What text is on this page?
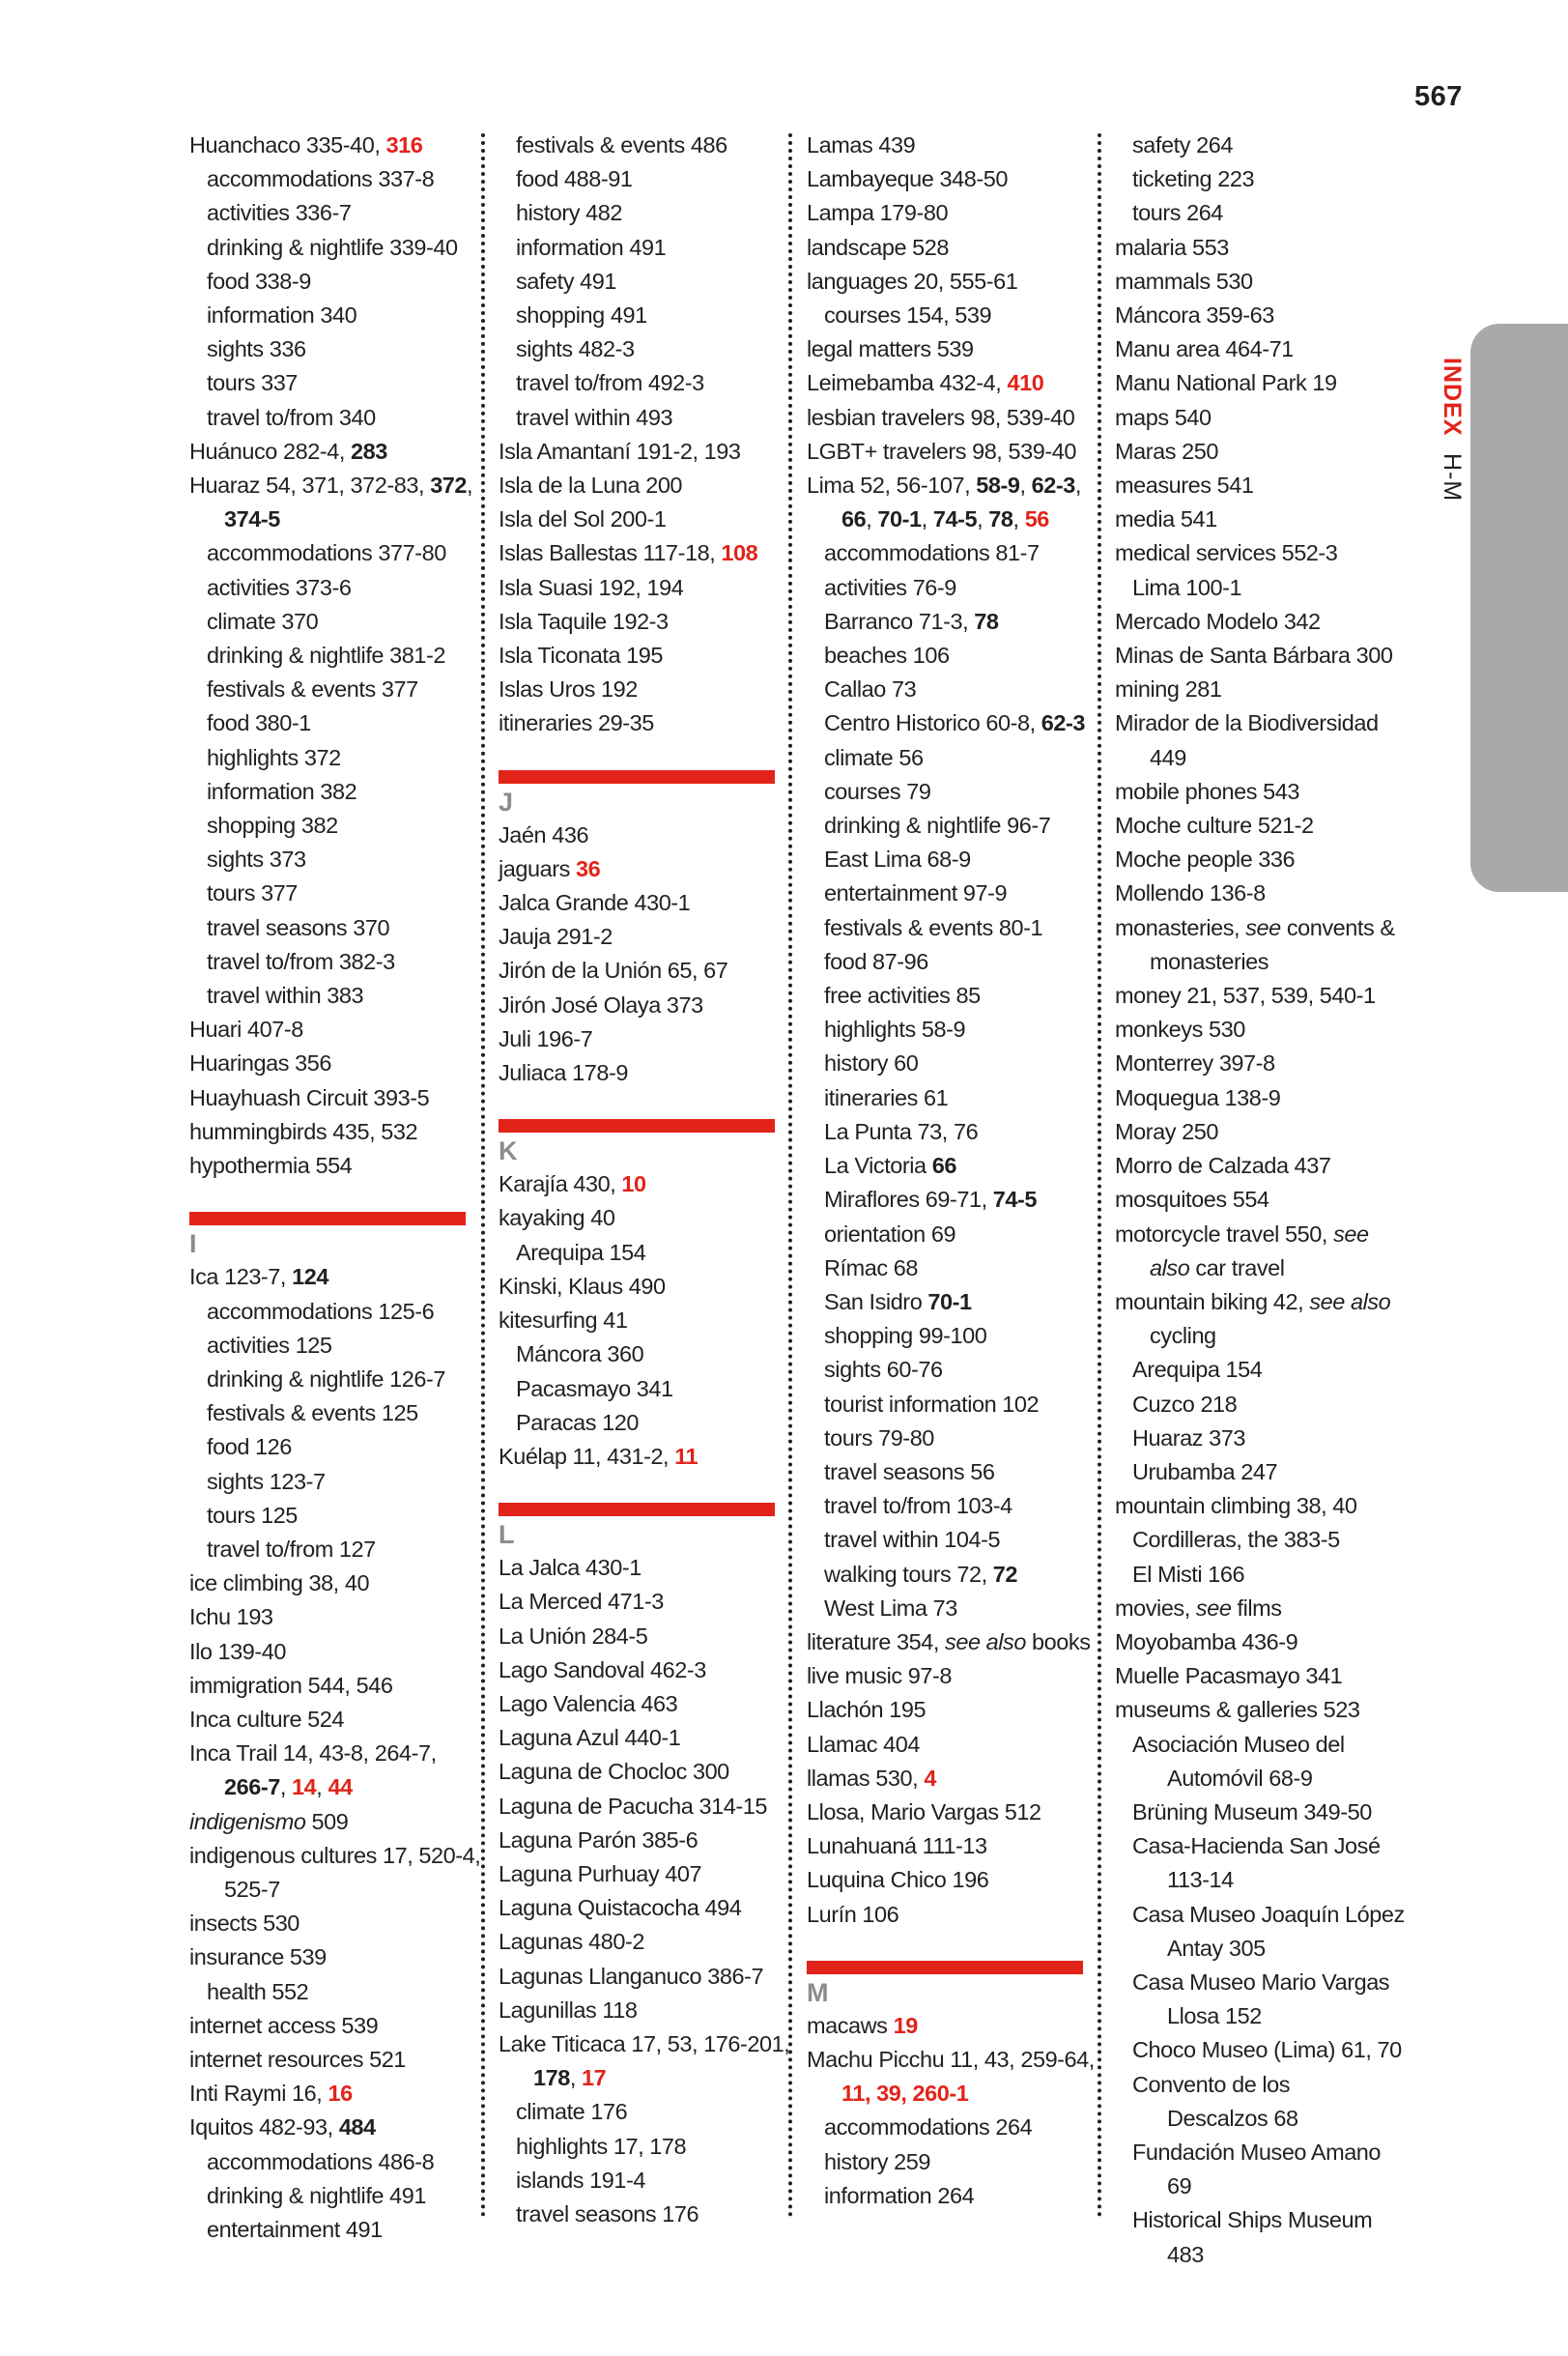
567
INDEX H-M
Huanchaco 335-40, 316
accommodations 337-8
activities 336-7
drinking & nightlife 339-40
food 338-9
information 340
sights 336
tours 337
travel to/from 340
Huánuco 282-4, 283
Huaraz 54, 371, 372-83, 372,
374-5
accommodations 377-80
activities 373-6
climate 370
drinking & nightlife 381-2
festivals & events 377
food 380-1
highlights 372
information 382
shopping 382
sights 373
tours 377
travel seasons 370
travel to/from 382-3
travel within 383
Huari 407-8
Huaringas 356
Huayhuash Circuit 393-5
hummingbirds 435, 532
hypothermia 554
I
Ica 123-7, 124
accommodations 125-6
activities 125
drinking & nightlife 126-7
festivals & events 125
food 126
sights 123-7
tours 125
travel to/from 127
ice climbing 38, 40
Ichu 193
Ilo 139-40
immigration 544, 546
Inca culture 524
Inca Trail 14, 43-8, 264-7,
266-7, 14, 44
indigenismo 509
indigenous cultures 17, 520-4,
525-7
insects 530
insurance 539
health 552
internet access 539
internet resources 521
Inti Raymi 16, 16
Iquitos 482-93, 484
accommodations 486-8
drinking & nightlife 491
entertainment 491
festivals & events 486
food 488-91
history 482
information 491
safety 491
shopping 491
sights 482-3
travel to/from 492-3
travel within 493
Isla Amantaní 191-2, 193
Isla de la Luna 200
Isla del Sol 200-1
Islas Ballestas 117-18, 108
Isla Suasi 192, 194
Isla Taquile 192-3
Isla Ticonata 195
Islas Uros 192
itineraries 29-35
J
Jaén 436
jaguars 36
Jalca Grande 430-1
Jauja 291-2
Jirón de la Unión 65, 67
Jirón José Olaya 373
Juli 196-7
Juliaca 178-9
K
Karajía 430, 10
kayaking 40
Arequipa 154
Kinski, Klaus 490
kitesurfing 41
Máncora 360
Pacasmayo 341
Paracas 120
Kuélap 11, 431-2, 11
L
La Jalca 430-1
La Merced 471-3
La Unión 284-5
Lago Sandoval 462-3
Lago Valencia 463
Laguna Azul 440-1
Laguna de Chocloc 300
Laguna de Pacucha 314-15
Laguna Parón 385-6
Laguna Purhuay 407
Laguna Quistacocha 494
Lagunas 480-2
Lagunas Llanganuco 386-7
Lagunillas 118
Lake Titicaca 17, 53, 176-201,
178, 17
climate 176
highlights 17, 178
islands 191-4
travel seasons 176
Lamas 439
Lambayeque 348-50
Lampa 179-80
landscape 528
languages 20, 555-61
courses 154, 539
legal matters 539
Leimebamba 432-4, 410
lesbian travelers 98, 539-40
LGBT+ travelers 98, 539-40
Lima 52, 56-107, 58-9, 62-3,
66, 70-1, 74-5, 78, 56
accommodations 81-7
activities 76-9
Barranco 71-3, 78
beaches 106
Callao 73
Centro Historico 60-8, 62-3
climate 56
courses 79
drinking & nightlife 96-7
East Lima 68-9
entertainment 97-9
festivals & events 80-1
food 87-96
free activities 85
highlights 58-9
history 60
itineraries 61
La Punta 73, 76
La Victoria 66
Miraflores 69-71, 74-5
orientation 69
Rímac 68
San Isidro 70-1
shopping 99-100
sights 60-76
tourist information 102
tours 79-80
travel seasons 56
travel to/from 103-4
travel within 104-5
walking tours 72, 72
West Lima 73
literature 354, see also books
live music 97-8
Llachón 195
Llamac 404
llamas 530, 4
Llosa, Mario Vargas 512
Lunahuaná 111-13
Luquina Chico 196
Lurín 106
M
macaws 19
Machu Picchu 11, 43, 259-64,
11, 39, 260-1
accommodations 264
history 259
information 264
safety 264
ticketing 223
tours 264
malaria 553
mammals 530
Máncora 359-63
Manu area 464-71
Manu National Park 19
maps 540
Maras 250
measures 541
media 541
medical services 552-3
Lima 100-1
Mercado Modelo 342
Minas de Santa Bárbara 300
mining 281
Mirador de la Biodiversidad
449
mobile phones 543
Moche culture 521-2
Moche people 336
Mollendo 136-8
monasteries, see convents &
monasteries
money 21, 537, 539, 540-1
monkeys 530
Monterrey 397-8
Moquegua 138-9
Moray 250
Morro de Calzada 437
mosquitoes 554
motorcycle travel 550, see
also car travel
mountain biking 42, see also
cycling
Arequipa 154
Cuzco 218
Huaraz 373
Urubamba 247
mountain climbing 38, 40
Cordilleras, the 383-5
El Misti 166
movies, see films
Moyobamba 436-9
Muelle Pacasmayo 341
museums & galleries 523
Asociación Museo del
Automóvil 68-9
Brüning Museum 349-50
Casa-Hacienda San José
113-14
Casa Museo Joaquín López
Antay 305
Casa Museo Mario Vargas
Llosa 152
Choco Museo (Lima) 61, 70
Convento de los
Descalzos 68
Fundación Museo Amano
69
Historical Ships Museum
483
